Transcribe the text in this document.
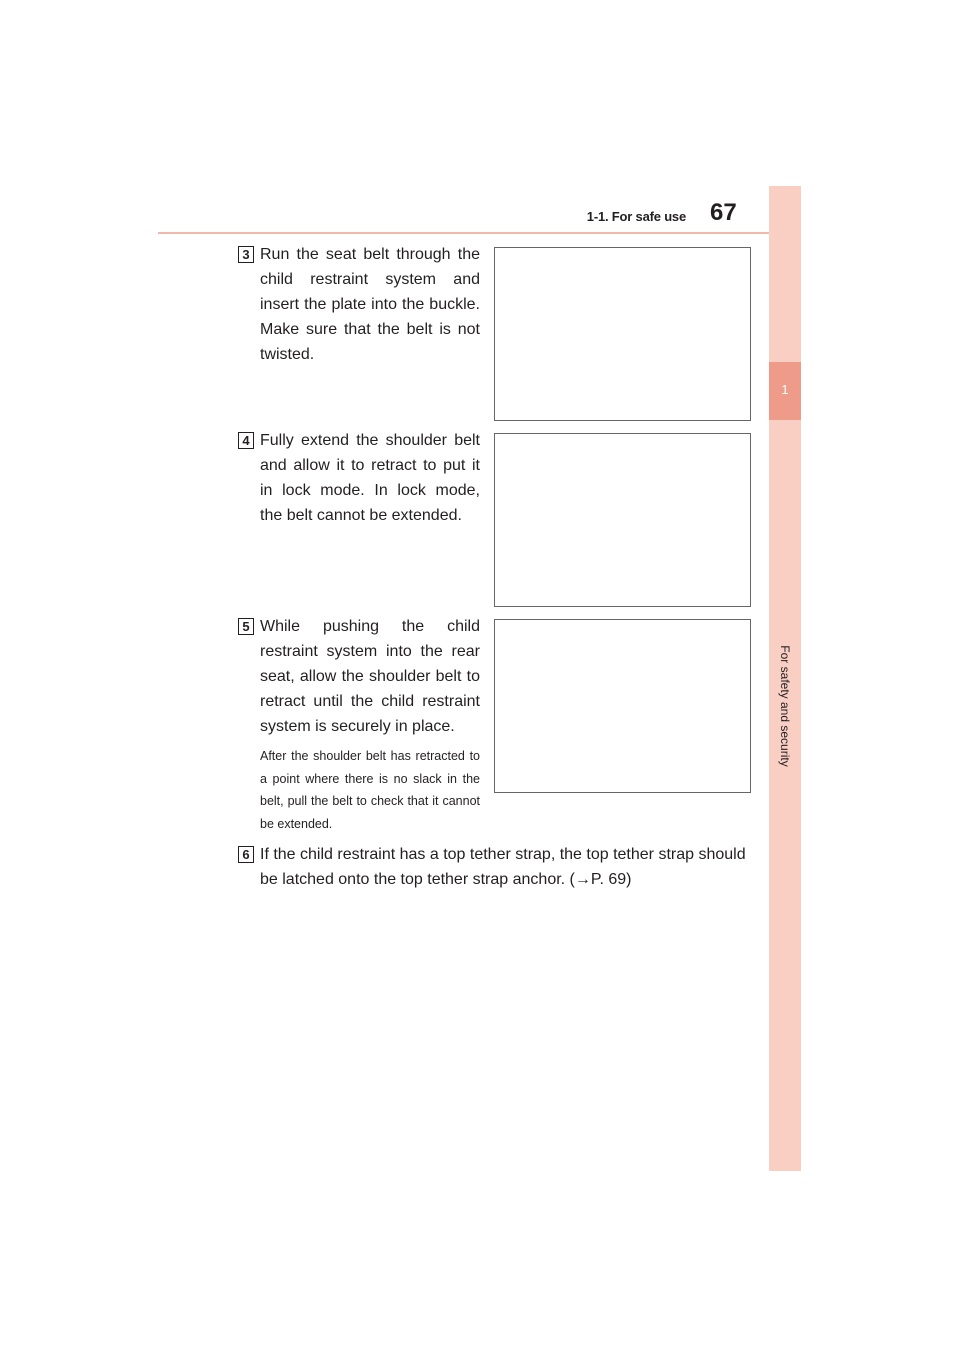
1-1. For safe use 67
1
For safety and security
3 Run the seat belt through the child restraint system and insert the plate into the buckle. Make sure that the belt is not twisted.
4 Fully extend the shoulder belt and allow it to retract to put it in lock mode. In lock mode, the belt cannot be extended.
5 While pushing the child restraint system into the rear seat, allow the shoulder belt to retract until the child restraint system is securely in place.
After the shoulder belt has retracted to a point where there is no slack in the belt, pull the belt to check that it cannot be extended.
6 If the child restraint has a top tether strap, the top tether strap should be latched onto the top tether strap anchor. (→P. 69)
